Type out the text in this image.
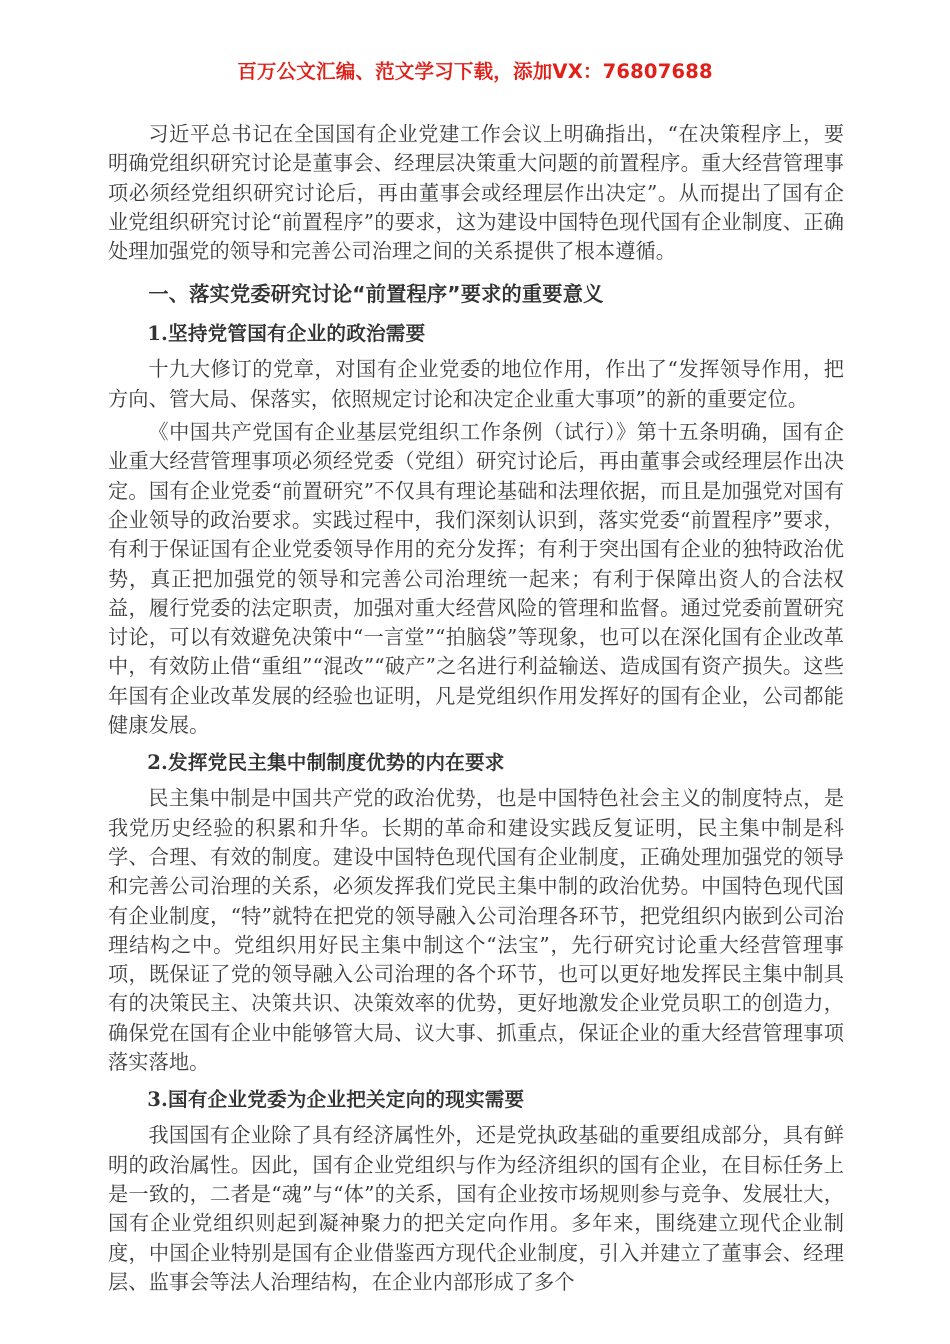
百万公文汇编、范文学习下载，添加VX：76807688

习近平总书记在全国国有企业党建工作会议上明确指出，“在决策程序上，要明确党组织研究讨论是董事会、经理层决策重大问题的前置程序。重大经营管理事项必须经党组织研究讨论后，再由董事会或经理层作出决定”。从而提出了国有企业党组织研究讨论“前置程序”的要求，这为建设中国特色现代国有企业制度、正确处理加强党的领导和完善公司治理之间的关系提供了根本遵循。

一、落实党委研究讨论“前置程序”要求的重要意义
1.坚持党管国有企业的政治需要

十九大修订的党章，对国有企业党委的地位作用，作出了“发挥领导作用，把方向、管大局、保落实，依照规定讨论和决定企业重大事项”的新的重要定位。

《中国共产党国有企业基层党组织工作条例（试行）》第十五条明确，国有企业重大经营管理事项必须经党委（党组）研究讨论后，再由董事会或经理层作出决定。国有企业党委“前置研究”不仅具有理论基础和法理依据，而且是加强党对国有企业领导的政治要求。实践过程中，我们深刻认识到，落实党委“前置程序”要求，有利于保证国有企业党委领导作用的充分发挥；有利于突出国有企业的独特政治优势，真正把加强党的领导和完善公司治理统一起来；有利于保障出资人的合法权益，履行党委的法定职责，加强对重大经营风险的管理和监督。通过党委前置研究讨论，可以有效避免决策中“一言堂”“拍脑袋”等现象，也可以在深化国有企业改革中，有效防止借“重组”“混改”“破产”之名进行利益输送、造成国有资产损失。这些年国有企业改革发展的经验也证明，凡是党组织作用发挥好的国有企业，公司都能健康发展。

2.发挥党民主集中制制度优势的内在要求

民主集中制是中国共产党的政治优势，也是中国特色社会主义的制度特点，是我党历史经验的积累和升华。长期的革命和建设实践反复证明，民主集中制是科学、合理、有效的制度。建设中国特色现代国有企业制度，正确处理加强党的领导和完善公司治理的关系，必须发挥我们党民主集中制的政治优势。中国特色现代国有企业制度，“特”就特在把党的领导融入公司治理各环节，把党组织内嵌到公司治理结构之中。党组织用好民主集中制这个“法宝”，先行研究讨论重大经营管理事项，既保证了党的领导融入公司治理的各个环节，也可以更好地发挥民主集中制具有的决策民主、决策共识、决策效率的优势，更好地激发企业党员职工的创造力，确保党在国有企业中能够管大局、议大事、抓重点，保证企业的重大经营管理事项落实落地。

3.国有企业党委为企业把关定向的现实需要

我国国有企业除了具有经济属性外，还是党执政基础的重要组成部分，具有鲜明的政治属性。因此，国有企业党组织与作为经济组织的国有企业，在目标任务上是一致的，二者是“魂”与“体”的关系，国有企业按市场规则参与竞争、发展壮大，国有企业党组织则起到凝神聚力的把关定向作用。多年来，围绕建立现代企业制度，中国企业特别是国有企业借鉴西方现代企业制度，引入并建立了董事会、经理层、监事会等法人治理结构，在企业内部形成了多个
